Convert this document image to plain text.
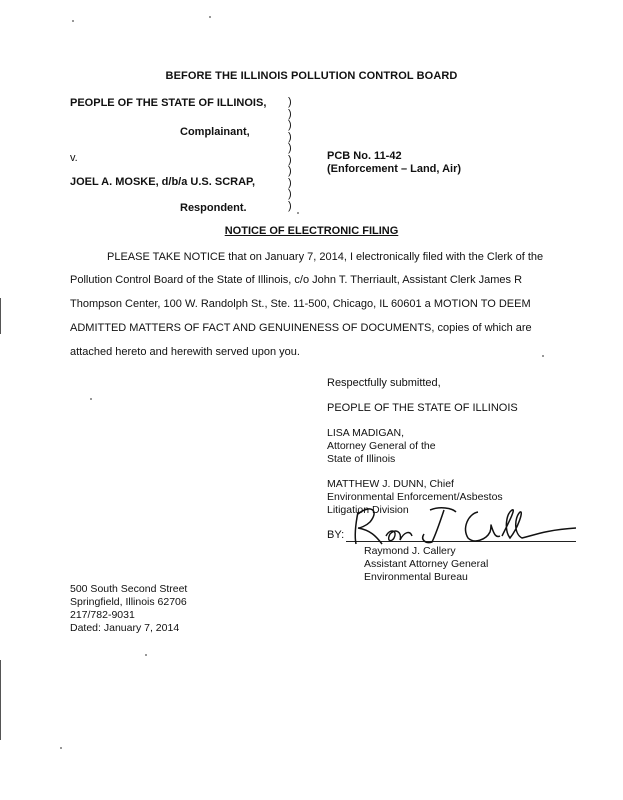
BEFORE THE ILLINOIS POLLUTION CONTROL BOARD
PEOPLE OF THE STATE OF ILLINOIS,
Complainant,
v.
JOEL A. MOSKE, d/b/a U.S. SCRAP,
Respondent.
)
)
)
)
)
)
)
)
)
)
PCB No. 11-42
(Enforcement – Land, Air)
NOTICE OF ELECTRONIC FILING
PLEASE TAKE NOTICE that on January 7, 2014, I electronically filed with the Clerk of the
Pollution Control Board of the State of Illinois, c/o John T. Therriault, Assistant Clerk James R
Thompson Center, 100 W. Randolph St., Ste. 11-500, Chicago, IL 60601 a MOTION TO DEEM
ADMITTED MATTERS OF FACT AND GENUINENESS OF DOCUMENTS, copies of which are
attached hereto and herewith served upon you.
Respectfully submitted,
PEOPLE OF THE STATE OF ILLINOIS
LISA MADIGAN,
Attorney General of the
State of Illinois
MATTHEW J. DUNN, Chief
Environmental Enforcement/Asbestos
Litigation Division
BY:
Raymond J. Callery
Assistant Attorney General
Environmental Bureau
500 South Second Street
Springfield, Illinois 62706
217/782-9031
Dated: January 7, 2014
